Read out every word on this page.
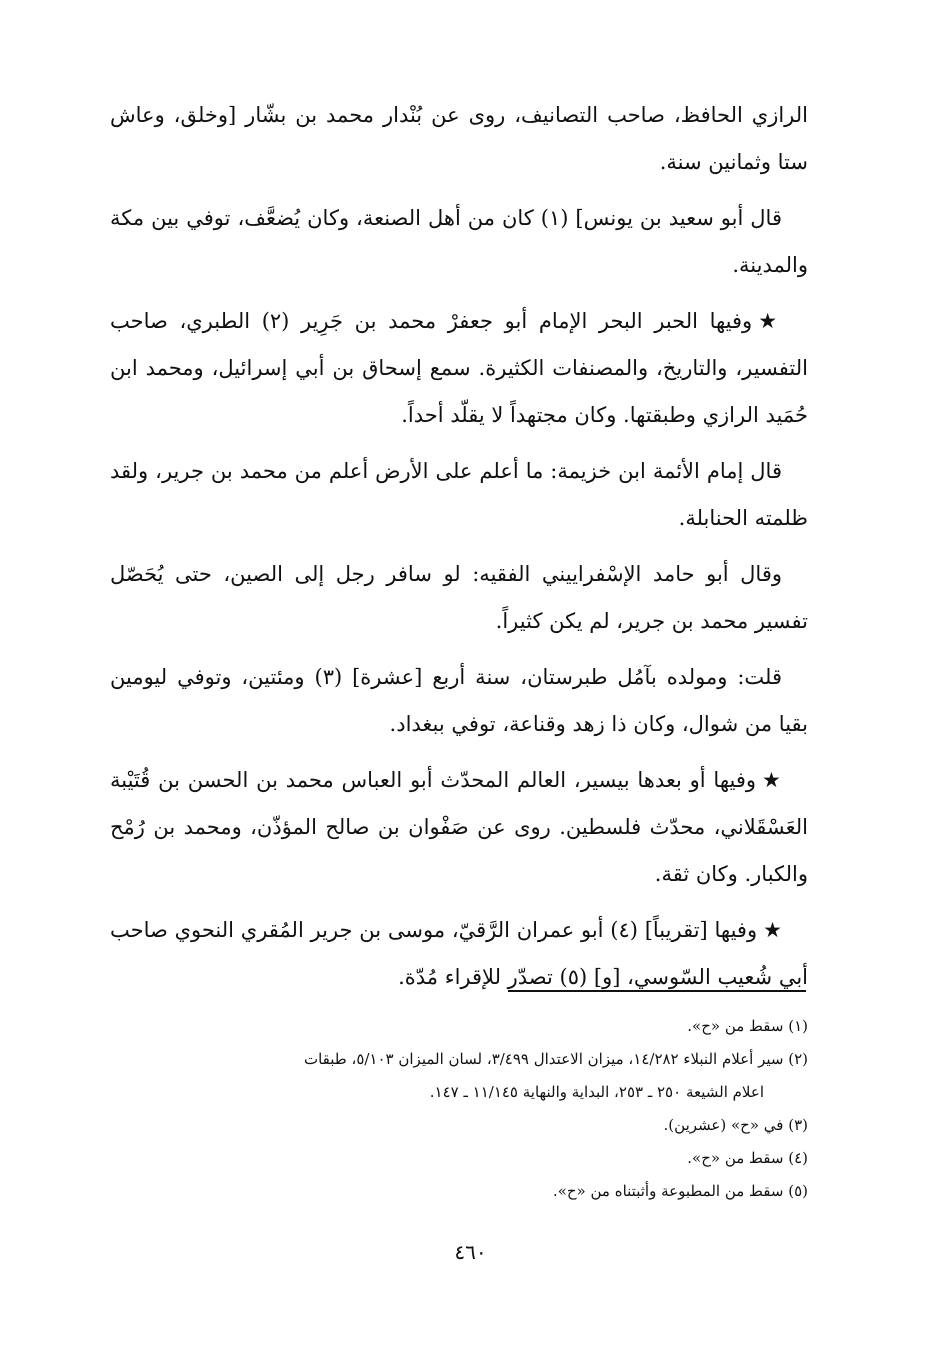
الرازي الحافظ، صاحب التصانيف، روى عن بُنْدار محمد بن بشّار [وخلق، وعاش ستا وثمانين سنة.

قال أبو سعيد بن يونس] (١) كان من أهل الصنعة، وكان يُضعَّف، توفي بين مكة والمدينة.

★وفيها الحبر البحر الإمام أبو جعفرْ محمد بن جَرِير (٢) الطبري، صاحب التفسير، والتاريخ، والمصنفات الكثيرة. سمع إسحاق بن أبي إسرائيل، ومحمد ابن حُمَيد الرازي وطبقتها. وكان مجتهداً لا يقلّد أحداً.

قال إمام الأئمة ابن خزيمة: ما أعلم على الأرض أعلم من محمد بن جرير، ولقد ظلمته الحنابلة.

وقال أبو حامد الإسْفراييني الفقيه: لو سافر رجل إلى الصين، حتى يُحَصّل تفسير محمد بن جرير، لم يكن كثيراً.

قلت: ومولده بآمُل طبرستان، سنة أربع [عشرة] (٣) ومئتين، وتوفي ليومين بقيا من شوال، وكان ذا زهد وقناعة، توفي ببغداد.

★وفيها أو بعدها بيسير، العالم المحدّث أبو العباس محمد بن الحسن بن قُتَيْبة العَسْقَلاني، محدّث فلسطين. روى عن صَفْوان بن صالح المؤذّن، ومحمد بن رُمْح والكبار. وكان ثقة.

★وفيها [تقريباً] (٤) أبو عمران الرَّقيّ، موسى بن جرير المُقري النحوي صاحب أبي شُعيب السّوسي، [و] (٥) تصدّر للإقراء مُدّة.

(١) سقط من «ح».
(٢) سير أعلام النبلاء ١٤/٢٨٢، ميزان الاعتدال ٣/٤٩٩، لسان الميزان ٥/١٠٣، طبقات
اعلام الشيعة ٢٥٠ ـ ٢٥٣، البداية والنهاية ١١/١٤٥ ـ ١٤٧.
(٣) في «ح» (عشرين).
(٤) سقط من «ح».
(٥) سقط من المطبوعة وأثبتناه من «ح».
٤٦٠
